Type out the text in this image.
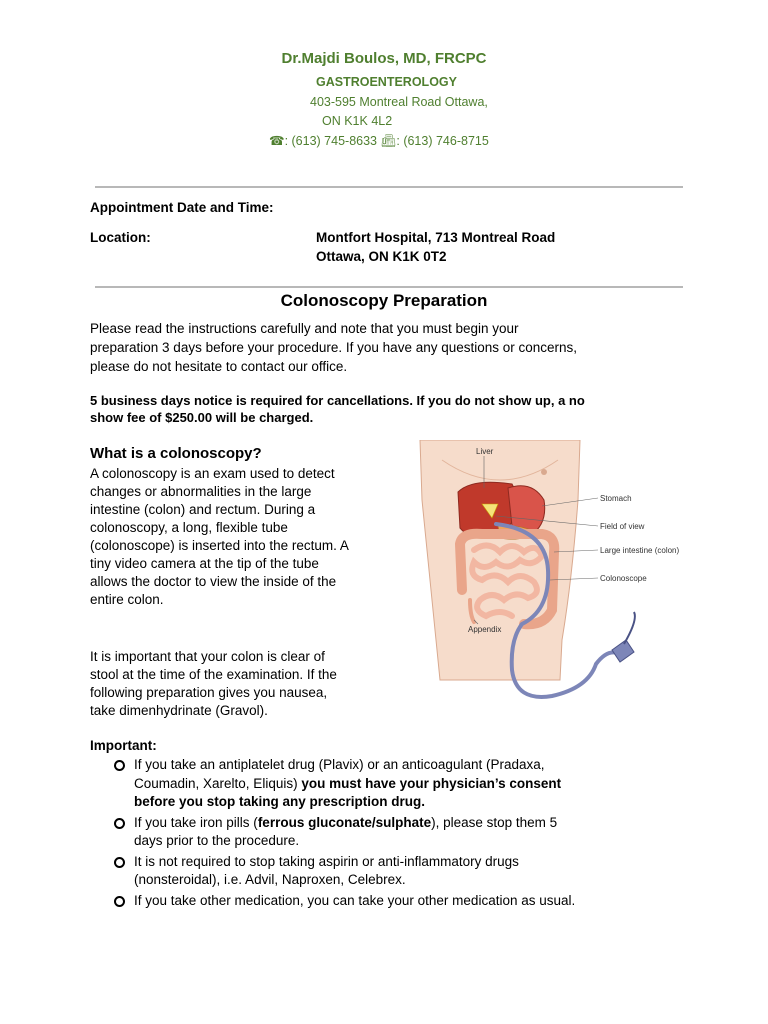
Dr.Majdi Boulos, MD, FRCPC
GASTROENTEROLOGY
403-595 Montreal Road Ottawa,
ON K1K 4L2
☎: (613) 745-8633 📠︎: (613) 746-8715
Appointment Date and Time:
Location:	Montfort Hospital, 713 Montreal Road
Ottawa, ON K1K 0T2
Colonoscopy Preparation
Please read the instructions carefully and note that you must begin your
preparation 3 days before your procedure. If you have any questions or concerns,
please do not hesitate to contact our office.
5 business days notice is required for cancellations. If you do not show up, a no
show fee of $250.00 will be charged.
What is a colonoscopy?
A colonoscopy is an exam used to detect
changes or abnormalities in the large
intestine (colon) and rectum. During a
colonoscopy, a long, flexible tube
(colonoscope) is inserted into the rectum. A
tiny video camera at the tip of the tube
allows the doctor to view the inside of the
entire colon.
It is important that your colon is clear of
stool at the time of the examination. If the
following preparation gives you nausea,
take dimenhydrinate (Gravol).
Liver
Stomach
Field of view
Large intestine (colon)
Colonoscope
Appendix
Important:
If you take an antiplatelet drug (Plavix) or an anticoagulant (Pradaxa,
Coumadin, Xarelto, Eliquis) you must have your physician’s consent
before you stop taking any prescription drug.
If you take iron pills (ferrous gluconate/sulphate), please stop them 5
days prior to the procedure.
It is not required to stop taking aspirin or anti-inflammatory drugs
(nonsteroidal), i.e. Advil, Naproxen, Celebrex.
If you take other medication, you can take your other medication as usual.
